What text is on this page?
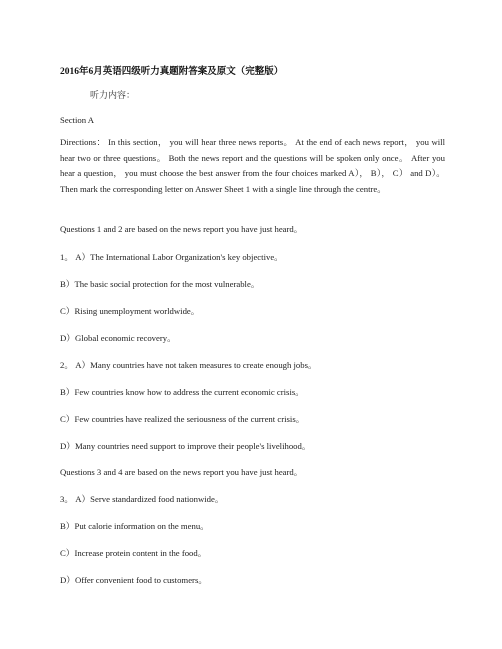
2016年6月英语四级听力真题附答案及原文（完整版）
听力内容：
Section A
Directions： In this section， you will hear three news reports。 At the end of each news report， you will hear two or three questions。 Both the news report and the questions will be spoken only once。 After you hear a question， you must choose the best answer from the four choices marked A）， B）， C） and D）。 Then mark the corresponding letter on Answer Sheet 1 with a single line through the centre。
Questions 1 and 2 are based on the news report you have just heard。
1。 A）The International Labor Organization's key objective。
B）The basic social protection for the most vulnerable。
C）Rising unemployment worldwide。
D）Global economic recovery。
2。 A）Many countries have not taken measures to create enough jobs。
B）Few countries know how to address the current economic crisis。
C）Few countries have realized the seriousness of the current crisis。
D）Many countries need support to improve their people's livelihood。
Questions 3 and 4 are based on the news report you have just heard。
3。 A）Serve standardized food nationwide。
B）Put calorie information on the menu。
C）Increase protein content in the food。
D）Offer convenient food to customers。
